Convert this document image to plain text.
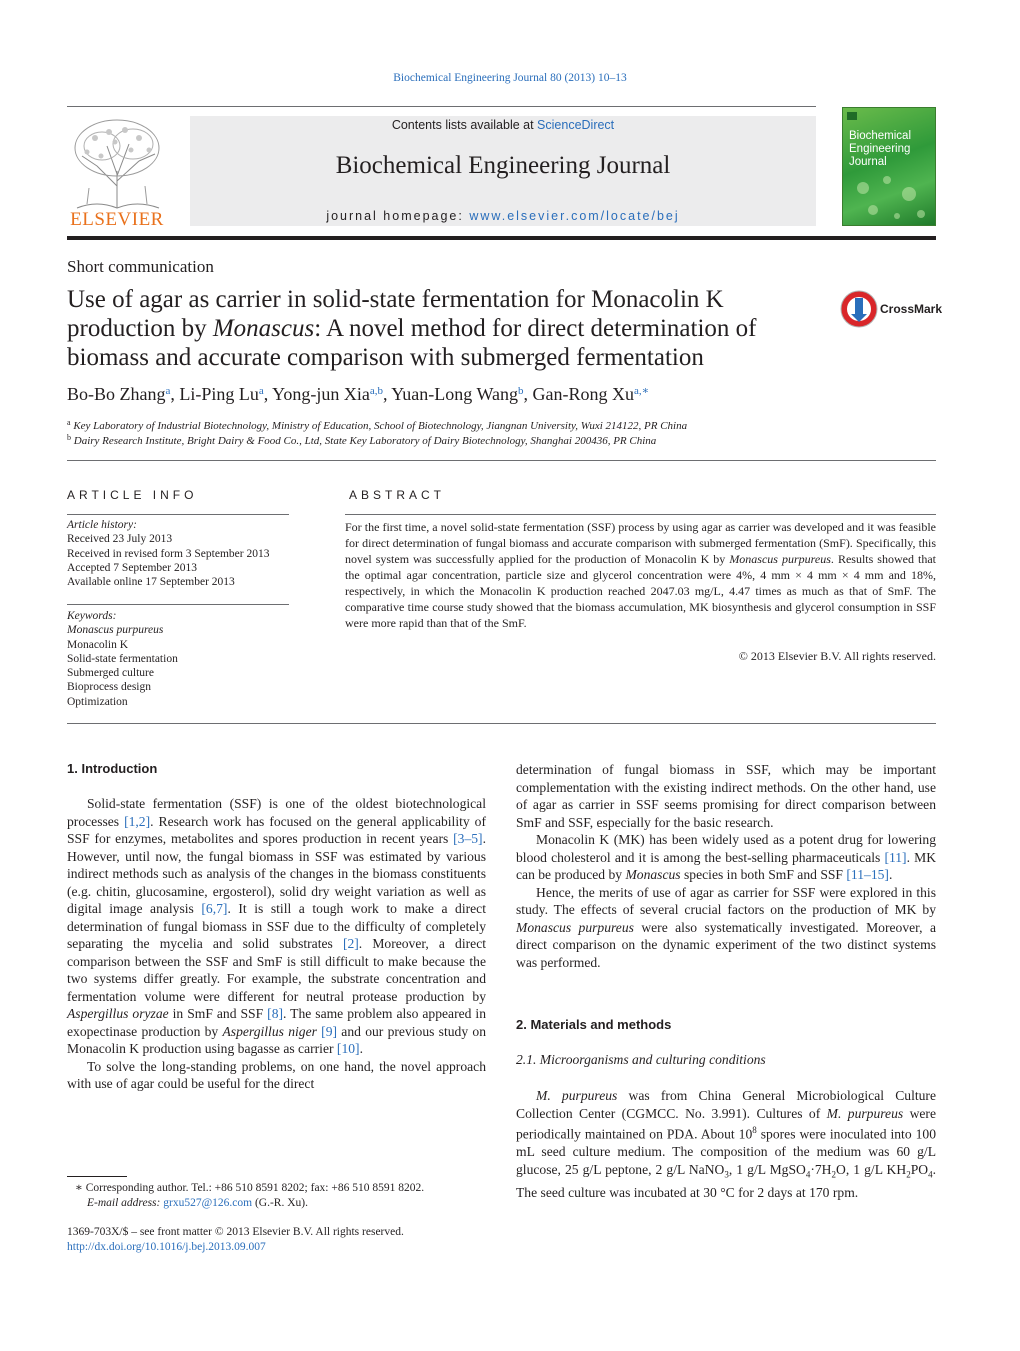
Biochemical Engineering Journal 80 (2013) 10–13
ELSEVIER
Contents lists available at ScienceDirect
Biochemical Engineering Journal
journal homepage: www.elsevier.com/locate/bej
Biochemical Engineering Journal
Short communication
Use of agar as carrier in solid-state fermentation for Monacolin K production by Monascus: A novel method for direct determination of biomass and accurate comparison with submerged fermentation
CrossMark
Bo-Bo Zhang$^a$, Li-Ping Lu$^a$, Yong-jun Xia$^{a,b}$, Yuan-Long Wang$^b$, Gan-Rong $Xu^{a,∗}$
$^a$ Key Laboratory of Industrial Biotechnology, Ministry of Education, School of Biotechnology, Jiangnan University, Wuxi 214122, PR China
$^b$ Dairy Research Institute, Bright Dairy & Food Co., Ltd, State Key Laboratory of Dairy Biotechnology, Shanghai 200436, PR China
ARTICLE INFO
Article history:
Received 23 July 2013
Received in revised form 3 September 2013
Accepted 7 September 2013
Available online 17 September 2013
Keywords:
Monascus purpureus
Monacolin K
Solid-state fermentation
Submerged culture
Bioprocess design
Optimization
ABSTRACT
For the first time, a novel solid-state fermentation (SSF) process by using agar as carrier was developed and it was feasible for direct determination of fungal biomass and accurate comparison with submerged fermentation (SmF). Specifically, this novel system was successfully applied for the production of Monacolin K by Monascus purpureus. Results showed that the optimal agar concentration, particle size and glycerol concentration were 4%, 4 mm × 4 mm × 4 mm and 18%, respectively, in which the Monacolin K production reached 2047.03 mg/L, 4.47 times as much as that of SmF. The comparative time course study showed that the biomass accumulation, MK biosynthesis and glycerol consumption in SSF were more rapid than that of the SmF.
© 2013 Elsevier B.V. All rights reserved.
1. Introduction

Solid-state fermentation (SSF) is one of the oldest biotechnological processes [1,2]. Research work has focused on the general applicability of SSF for enzymes, metabolites and spores production in recent years [3–5]. However, until now, the fungal biomass in SSF was estimated by various indirect methods such as analysis of the changes in the biomass constituents (e.g. chitin, glucosamine, ergosterol), solid dry weight variation as well as digital image analysis [6,7]. It is still a tough work to make a direct determination of fungal biomass in SSF due to the difficulty of completely separating the mycelia and solid substrates [2]. Moreover, a direct comparison between the SSF and SmF is still difficult to make because the two systems differ greatly. For example, the substrate concentration and fermentation volume were different for neutral protease production by Aspergillus oryzae in SmF and SSF [8]. The same problem also appeared in exopectinase production by Aspergillus niger [9] and our previous study on Monacolin K production using bagasse as carrier [10].

To solve the long-standing problems, on one hand, the novel approach with use of agar could be useful for the direct

determination of fungal biomass in SSF, which may be important complementation with the existing indirect methods. On the other hand, use of agar as carrier in SSF seems promising for direct comparison between SmF and SSF, especially for the basic research.

Monacolin K (MK) has been widely used as a potent drug for lowering blood cholesterol and it is among the best-selling pharmaceuticals [11]. MK can be produced by Monascus species in both SmF and SSF [11–15].

Hence, the merits of use of agar as carrier for SSF were explored in this study. The effects of several crucial factors on the production of MK by Monascus purpureus were also systematically investigated. Moreover, a direct comparison on the dynamic experiment of the two distinct systems was performed.

2. Materials and methods
2.1. Microorganisms and culturing conditions

M. purpureus was from China General Microbiological Culture Collection Center (CGMCC. No. 3.991). Cultures of M. purpureus were periodically maintained on PDA. About $10^8$ spores were inoculated into 100 mL seed culture medium. The composition of the medium was 60 g/L glucose, 25 g/L peptone, 2 g/L NaNO$_3$, 1 g/L $MgSO_4\cdot 7H_2O$, 1 g/L $KH_2PO_4$. The seed culture was incubated at 30 °C for 2 days at 170 rpm.

∗ Corresponding author. Tel.: +86 510 8591 8202; fax: +86 510 8591 8202.
E-mail address: grxu527@126.com (G.-R. Xu).
1369-703X/$ – see front matter © 2013 Elsevier B.V. All rights reserved.
http://dx.doi.org/10.1016/j.bej.2013.09.007
